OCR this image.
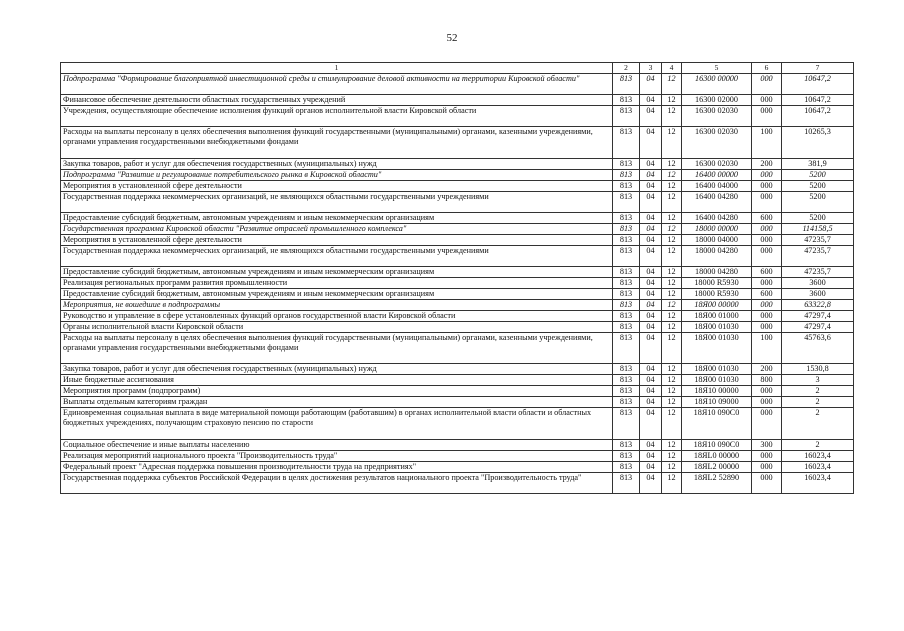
52
1	2	3	4	5	6	7
Подпрограмма "Формирование благоприятной инвестиционной среды и стимулирование деловой активности на территории Кировской области"	813	04	12	16300 00000	000	10647,2
Финансовое обеспечение деятельности областных государственных учреждений	813	04	12	16300 02000	000	10647,2
Учреждения, осуществляющие обеспечение исполнения функций органов исполнительной власти Кировской области	813	04	12	16300 02030	000	10647,2
Расходы на выплаты персоналу в целях обеспечения выполнения функций государственными (муниципальными) органами, казенными учреждениями, органами управления государственными внебюджетными фондами	813	04	12	16300 02030	100	10265,3
Закупка товаров, работ и услуг для обеспечения государственных (муниципальных) нужд	813	04	12	16300 02030	200	381,9
Подпрограмма "Развитие и регулирование потребительского рынка в Кировской области"	813	04	12	16400 00000	000	5200
Мероприятия в установленной сфере деятельности	813	04	12	16400 04000	000	5200
Государственная поддержка некоммерческих организаций, не являющихся областными государственными учреждениями	813	04	12	16400 04280	000	5200
Предоставление субсидий бюджетным, автономным учреждениям и иным некоммерческим организациям	813	04	12	16400 04280	600	5200
Государственная программа Кировской области "Развитие отраслей промышленного комплекса"	813	04	12	18000 00000	000	114158,5
Мероприятия в установленной сфере деятельности	813	04	12	18000 04000	000	47235,7
Государственная поддержка некоммерческих организаций, не являющихся областными государственными учреждениями	813	04	12	18000 04280	000	47235,7
Предоставление субсидий бюджетным, автономным учреждениям и иным некоммерческим организациям	813	04	12	18000 04280	600	47235,7
Реализация региональных программ развития промышленности	813	04	12	18000 R5930	000	3600
Предоставление субсидий бюджетным, автономным учреждениям и иным некоммерческим организациям	813	04	12	18000 R5930	600	3600
Мероприятия, не вошедшие в подпрограммы	813	04	12	18Я00 00000	000	63322,8
Руководство и управление в сфере установленных функций органов государственной власти Кировской области	813	04	12	18Я00 01000	000	47297,4
Органы исполнительной власти Кировской области	813	04	12	18Я00 01030	000	47297,4
Расходы на выплаты персоналу в целях обеспечения выполнения функций государственными (муниципальными) органами, казенными учреждениями, органами управления государственными внебюджетными фондами	813	04	12	18Я00 01030	100	45763,6
Закупка товаров, работ и услуг для обеспечения государственных (муниципальных) нужд	813	04	12	18Я00 01030	200	1530,8
Иные бюджетные ассигнования	813	04	12	18Я00 01030	800	3
Мероприятия программ (подпрограмм)	813	04	12	18Я10 00000	000	2
Выплаты отдельным категориям граждан	813	04	12	18Я10 09000	000	2
Единовременная социальная выплата в виде материальной помощи работающим (работавшим) в органах исполнительной власти области и областных бюджетных учреждениях, получающим страховую пенсию по старости	813	04	12	18Я10 090С0	000	2
Социальное обеспечение и иные выплаты населению	813	04	12	18Я10 090С0	300	2
Реализация мероприятий национального проекта "Производительность труда"	813	04	12	18ЯL0 00000	000	16023,4
Федеральный проект "Адресная поддержка повышения производительности труда на предприятиях"	813	04	12	18ЯL2 00000	000	16023,4
Государственная поддержка субъектов Российской Федерации в целях достижения результатов национального проекта "Производительность труда"	813	04	12	18ЯL2 52890	000	16023,4
